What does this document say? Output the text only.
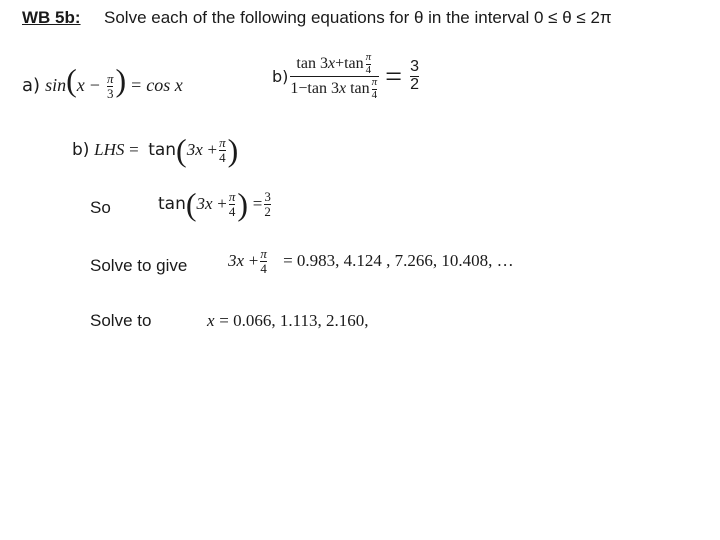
WB 5b: Solve each of the following equations for θ in the interval 0 ≤ θ ≤ 2π
a) $\sin(x - \frac{\pi}{3}$ ) = cos x	b)
tan 3 $x +\tan \frac{\pi}{4}$
1−tan 3 x
$\tan \frac{\pi}{4} = \frac{3}{2}$
b)
LHS
=
tan ( 3x
+ $\frac{\pi}{4}$ )
So	tan ( 3x
+ $\frac{\pi}{4}$ )
= $\frac{3}{2}$
Solve to give 3x
+ $\frac{\pi}{4}$
= 0.983, 4.124 , 7.266, 10.408, …
Solve to	x = 0.066, 1.113, 2.160,
